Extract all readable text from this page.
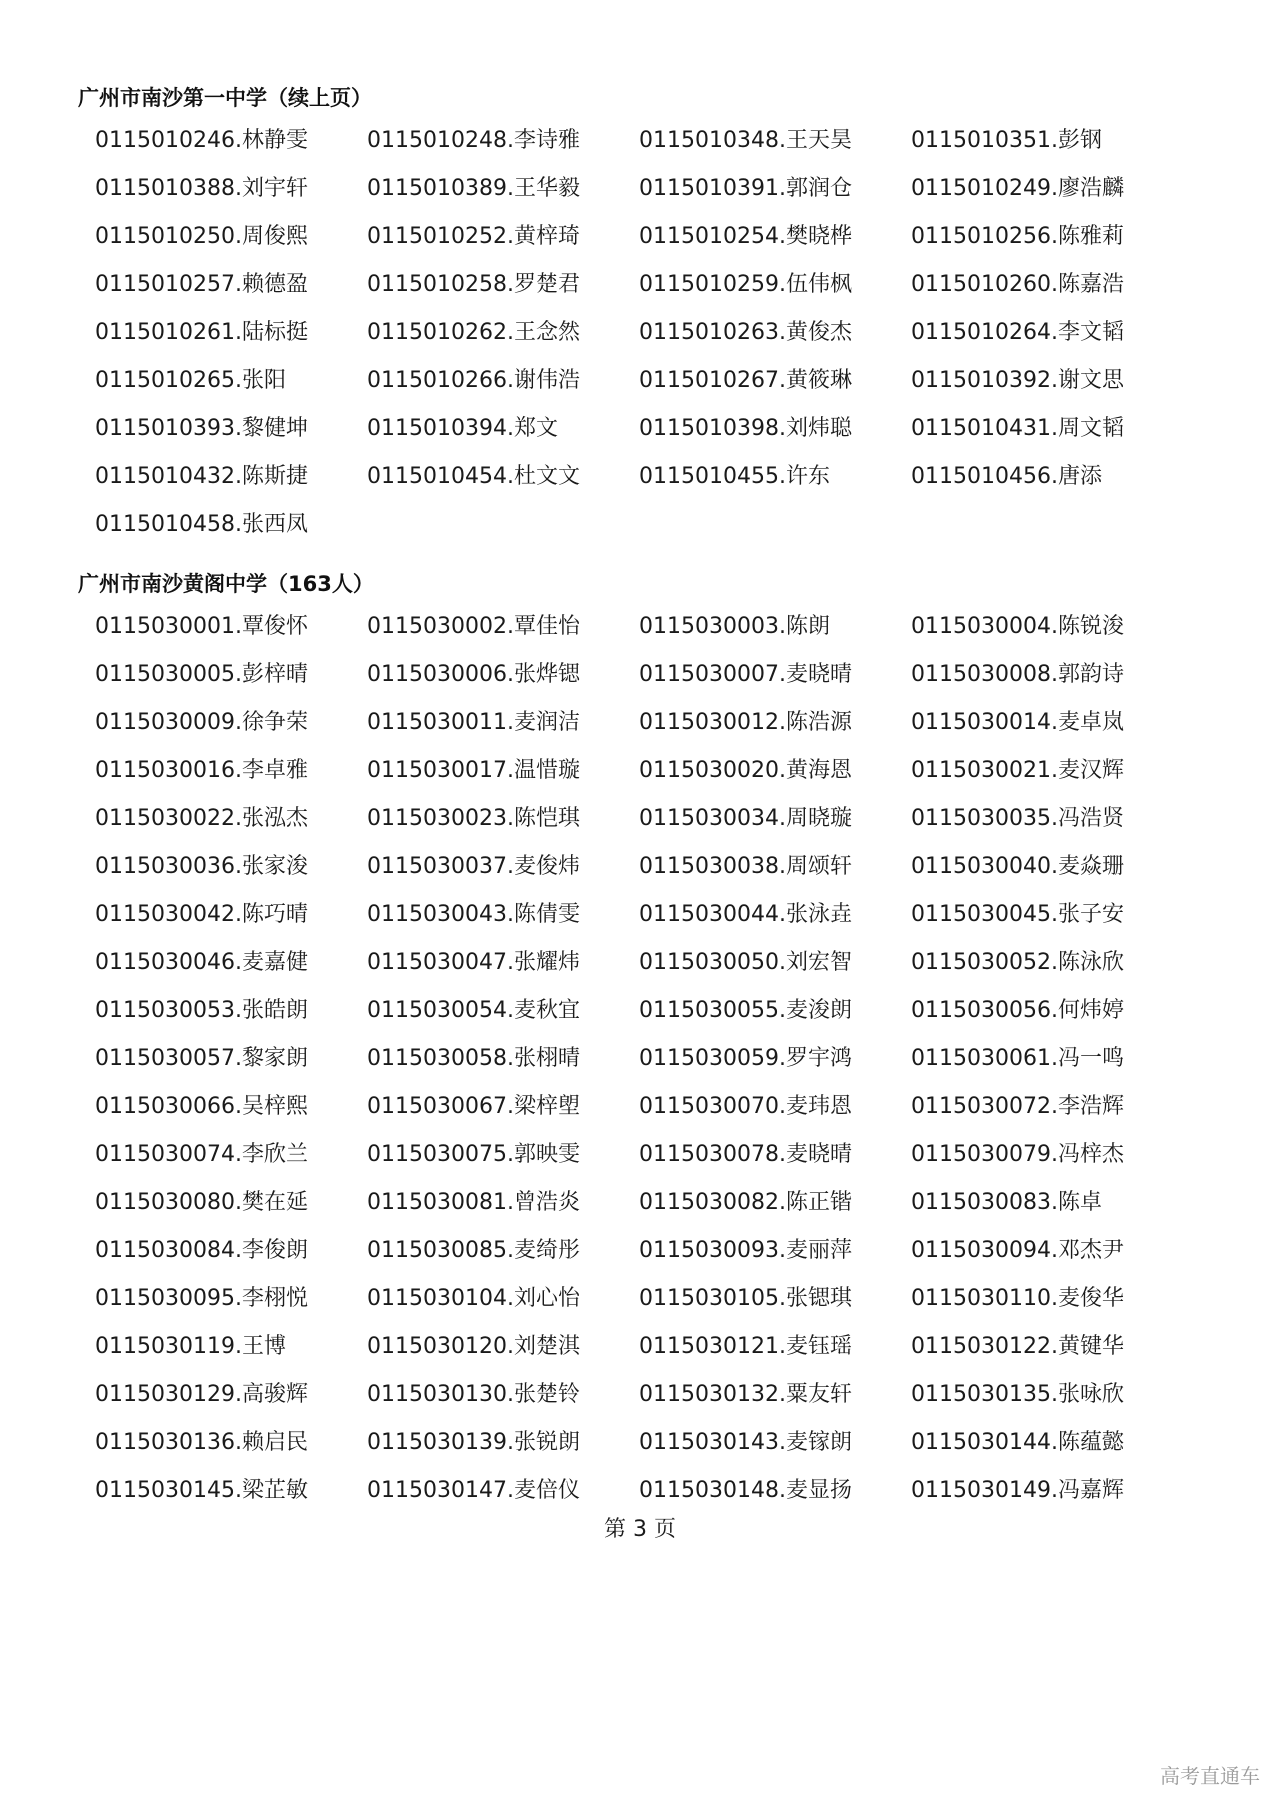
广州市南沙第一中学（续上页）
0115010246.林静雯	0115010248.李诗雅	0115010348.王天昊	0115010351.彭钢
0115010388.刘宇轩	0115010389.王华毅	0115010391.郭润仓	0115010249.廖浩麟
0115010250.周俊熙	0115010252.黄梓琦	0115010254.樊晓桦	0115010256.陈雅莉
0115010257.赖德盈	0115010258.罗楚君	0115010259.伍伟枫	0115010260.陈嘉浩
0115010261.陆标挺	0115010262.王念然	0115010263.黄俊杰	0115010264.李文韬
0115010265.张阳	0115010266.谢伟浩	0115010267.黄筱琳	0115010392.谢文思
0115010393.黎健坤	0115010394.郑文	0115010398.刘炜聪	0115010431.周文韬
0115010432.陈斯捷	0115010454.杜文文	0115010455.许东	0115010456.唐添
0115010458.张西凤
广州市南沙黄阁中学（163人）
0115030001.覃俊怀	0115030002.覃佳怡	0115030003.陈朗	0115030004.陈锐浚
0115030005.彭梓晴	0115030006.张烨锶	0115030007.麦晓晴	0115030008.郭韵诗
0115030009.徐争荣	0115030011.麦润洁	0115030012.陈浩源	0115030014.麦卓岚
0115030016.李卓雅	0115030017.温惜璇	0115030020.黄海恩	0115030021.麦汉辉
0115030022.张泓杰	0115030023.陈恺琪	0115030034.周晓璇	0115030035.冯浩贤
0115030036.张家浚	0115030037.麦俊炜	0115030038.周颂轩	0115030040.麦焱珊
0115030042.陈巧晴	0115030043.陈倩雯	0115030044.张泳垚	0115030045.张子安
0115030046.麦嘉健	0115030047.张耀炜	0115030050.刘宏智	0115030052.陈泳欣
0115030053.张皓朗	0115030054.麦秋宜	0115030055.麦浚朗	0115030056.何炜婷
0115030057.黎家朗	0115030058.张栩晴	0115030059.罗宇鸿	0115030061.冯一鸣
0115030066.吴梓熙	0115030067.梁梓塱	0115030070.麦玮恩	0115030072.李浩辉
0115030074.李欣兰	0115030075.郭映雯	0115030078.麦晓晴	0115030079.冯梓杰
0115030080.樊在延	0115030081.曾浩炎	0115030082.陈正锴	0115030083.陈卓
0115030084.李俊朗	0115030085.麦绮彤	0115030093.麦丽萍	0115030094.邓杰尹
0115030095.李栩悦	0115030104.刘心怡	0115030105.张锶琪	0115030110.麦俊华
0115030119.王博	0115030120.刘楚淇	0115030121.麦钰瑶	0115030122.黄键华
0115030129.高骏辉	0115030130.张楚铃	0115030132.粟友轩	0115030135.张咏欣
0115030136.赖启民	0115030139.张锐朗	0115030143.麦镓朗	0115030144.陈蕴懿
0115030145.梁芷敏	0115030147.麦倍仪	0115030148.麦显扬	0115030149.冯嘉辉
第 3 页
高考直通车
